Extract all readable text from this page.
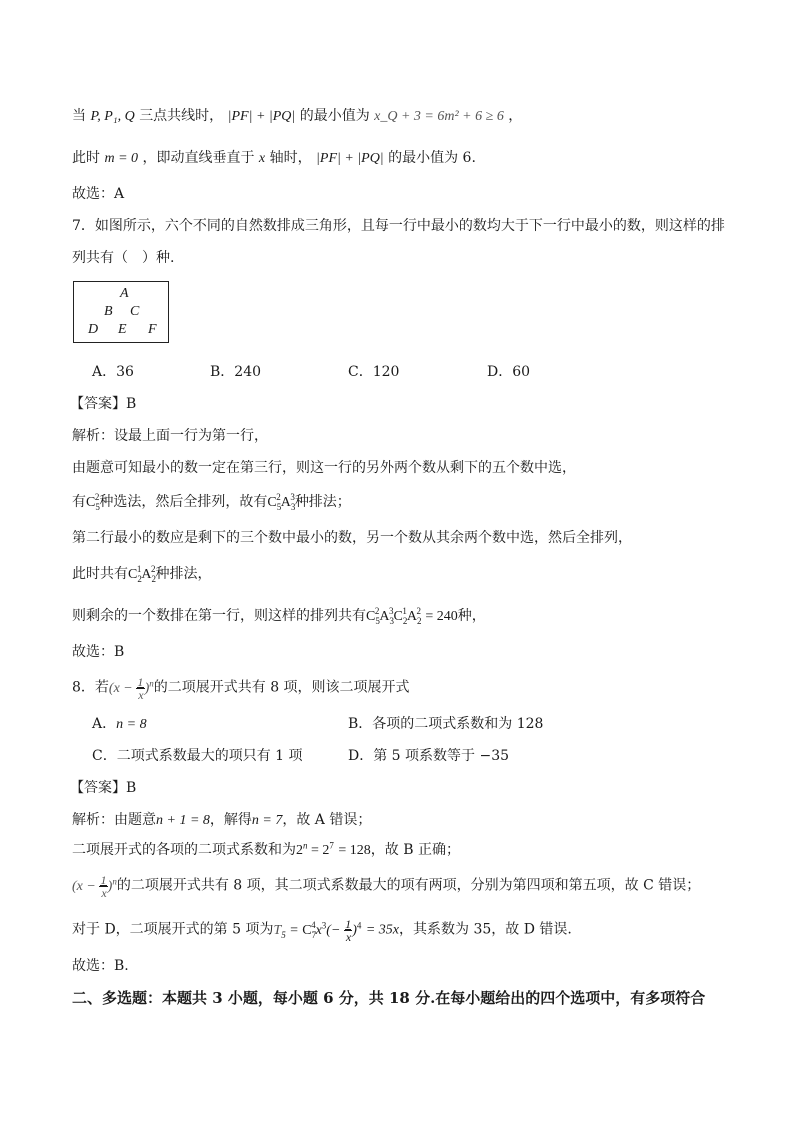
当 P, P₁, Q 三点共线时， |PF| + |PQ| 的最小值为 x_Q + 3 = 6m² + 6 ≥ 6 ，
此时 m = 0 ，即动直线垂直于 x 轴时， |PF| + |PQ| 的最小值为 6.
故选：A
7．如图所示，六个不同的自然数排成三角形，且每一行中最小的数均大于下一行中最小的数，则这样的排
列共有（　）种.
A
B C
D E F
A．36	B．240	C．120	D．60
【答案】B
解析：设最上面一行为第一行，
由题意可知最小的数一定在第三行，则这一行的另外两个数从剩下的五个数中选，
有$C_5^2$种选法，然后全排列，故有$C_5^2A_3^3$种排法；
第二行最小的数应是剩下的三个数中最小的数，另一个数从其余两个数中选，然后全排列，
此时共有$C_2^1A_2^2$种排法，
则剩余的一个数排在第一行，则这样的排列共有$C_5^2A_3^3C_2^1A_2^2 = 240$种，
故选：B
8．若$(x - \frac{1}{x} )^n$的二项展开式共有 8 项，则该二项展开式
A．n = 8	B．各项的二项式系数和为 128
C．二项式系数最大的项只有 1 项	D．第 5 项系数等于 −35
【答案】B
解析：由题意n + 1 = 8，解得n = 7，故 A 错误；
二项展开式的各项的二项式系数和为$2^n = 2^7 = 128$，故 B 正确；
$(x - \frac{1}{x} )^n$的二项展开式共有 8 项，其二项式系数最大的项有两项，分别为第四项和第五项，故 C 错误；
对于 D，二项展开式的第 5 项为$T_5 = C_7^4x^3(- \frac{1}{x} )^4 = 35x$，其系数为 35，故 D 错误.
故选：B.
二、多选题：本题共 3 小题，每小题 6 分，共 18 分.在每小题给出的四个选项中，有多项符合
